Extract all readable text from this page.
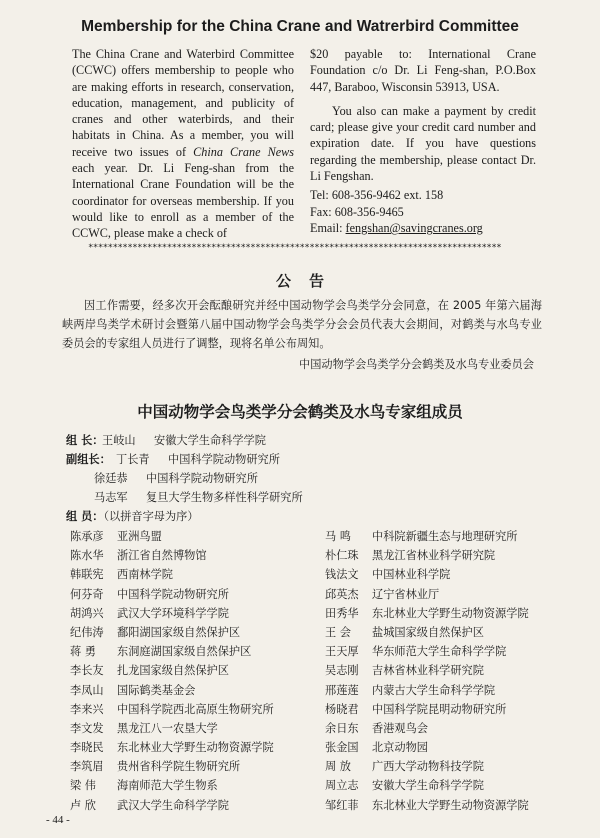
Membership for the China Crane and Watrerbird Committee

The China Crane and Waterbird Committee (CCWC) offers membership to people who are making efforts in research, conservation, education, management, and publicity of cranes and other waterbirds, and their habitats in China. As a member, you will receive two issues of China Crane News each year. Dr. Li Feng-shan from the International Crane Foundation will be the coordinator for overseas membership. If you would like to enroll as a member of the CCWC, please make a check of

$20 payable to: International Crane Foundation c/o Dr. Li Feng-shan, P.O.Box 447, Baraboo, Wisconsin 53913, USA.

You also can make a payment by credit card; please give your credit card number and expiration date. If you have questions regarding the membership, please contact Dr. Li Fengshan.

Tel: 608-356-9462 ext. 158
Fax: 608-356-9465
Email: fengshan@savingcranes.org
************************************************************************************
公告
因工作需要，经多次开会酝酿研究并经中国动物学会鸟类学分会同意，在 2005 年第六届海峡两岸鸟类学术研讨会暨第八届中国动物学会鸟类学分会会员代表大会期间，对鹤类与水鸟专业委员会的专家组人员进行了调整，现将名单公布周知。
中国动物学会鸟类学分会鹤类及水鸟专业委员会
中国动物学会鸟类学分会鹤类及水鸟专家组成员
组 长：王岐山 安徽大学生命科学学院
副组长： 丁长青 中国科学院动物研究所
徐廷恭 中国科学院动物研究所
马志军 复旦大学生物多样性科学研究所
组 员：（以拼音字母为序）
陈承彦 亚洲鸟盟
陈水华 浙江省自然博物馆
韩联宪 西南林学院
何芬奇 中国科学院动物研究所
胡鸿兴 武汉大学环境科学学院
纪伟涛 鄱阳湖国家级自然保护区
蒋 勇 东洞庭湖国家级自然保护区
李长友 扎龙国家级自然保护区
李凤山 国际鹤类基金会
李来兴 中国科学院西北高原生物研究所
李文发 黑龙江八一农垦大学
李晓民 东北林业大学野生动物资源学院
李筑眉 贵州省科学院生物研究所
梁 伟 海南师范大学生物系
卢 欣 武汉大学生命科学学院
马 鸣 中科院新疆生态与地理研究所
朴仁珠 黑龙江省林业科学研究院
钱法文 中国林业科学院
邱英杰 辽宁省林业厅
田秀华 东北林业大学野生动物资源学院
王 会 盐城国家级自然保护区
王天厚 华东师范大学生命科学学院
吴志刚 吉林省林业科学研究院
邢莲莲 内蒙古大学生命科学学院
杨晓君 中国科学院昆明动物研究所
余日东 香港观鸟会
张金国 北京动物园
周 放 广西大学动物科技学院
周立志 安徽大学生命科学学院
邹红菲 东北林业大学野生动物资源学院
- 44 -
